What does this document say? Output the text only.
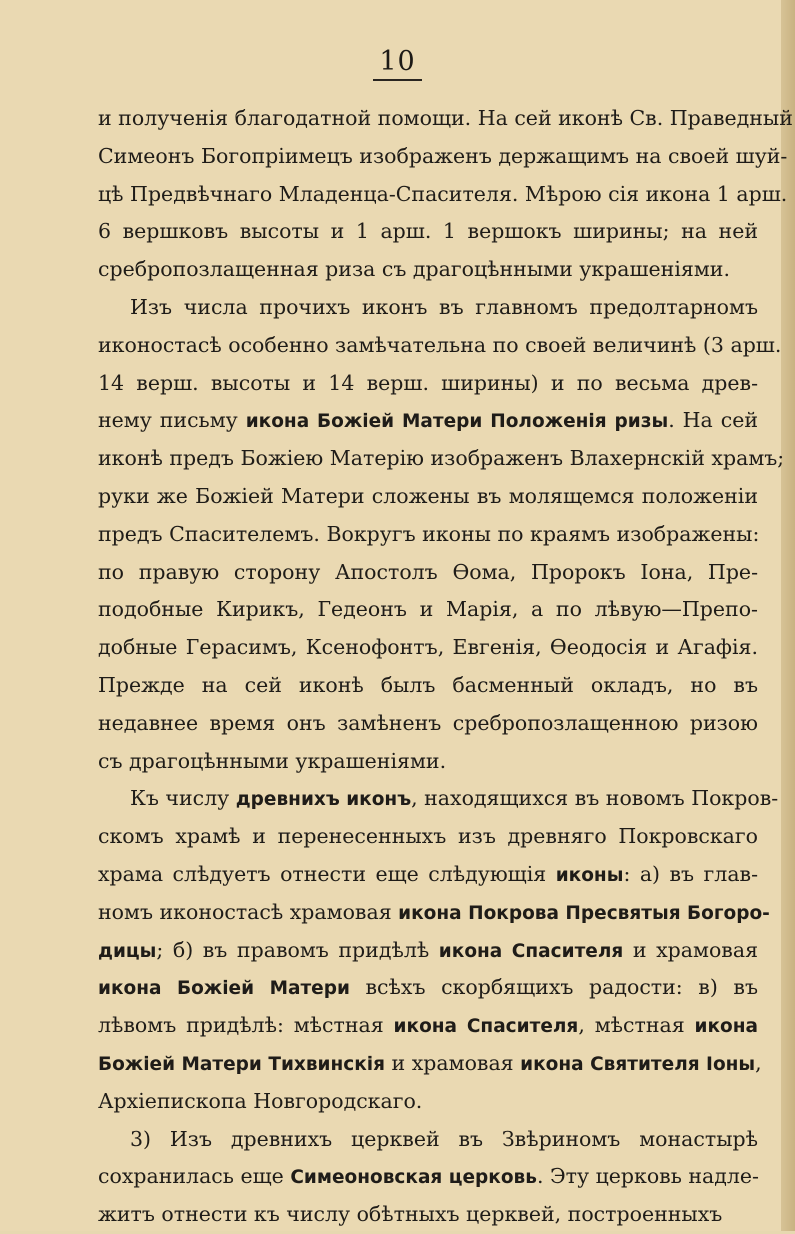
10
и полученія благодатной помощи. На сей иконѣ Св. Праведный
Симеонъ Богопріимецъ изображенъ держащимъ на своей шуй-
цѣ Предвѣчнаго Младенца-Спасителя. Мѣрою сія икона 1 арш.
6 вершковъ высоты и 1 арш. 1 вершокъ ширины; на ней
сребропозлащенная риза съ драгоцѣнными украшеніями.
Изъ числа прочихъ иконъ въ главномъ предолтарномъ
иконостасѣ особенно замѣчательна по своей величинѣ (3 арш.
14 верш. высоты и 14 верш. ширины) и по весьма древ-
нему письму икона Божіей Матери Положенія ризы. На сей
иконѣ предъ Божіею Матерію изображенъ Влахернскій храмъ;
руки же Божіей Матери сложены въ молящемся положеніи
предъ Спасителемъ. Вокругъ иконы по краямъ изображены:
по правую сторону Апостолъ Ѳома, Пророкъ Іона, Пре-
подобные Кирикъ, Гедеонъ и Марія, а по лѣвую—Препо-
добные Герасимъ, Ксенофонтъ, Евгенія, Ѳеодосія и Агафія.
Прежде на сей иконѣ былъ басменный окладъ, но въ
недавнее время онъ замѣненъ сребропозлащенною ризою
съ драгоцѣнными украшеніями.
Къ числу древнихъ иконъ, находящихся въ новомъ Покров-
скомъ храмѣ и перенесенныхъ изъ древняго Покровскаго
храма слѣдуетъ отнести еще слѣдующія иконы: а) въ глав-
номъ иконостасѣ храмовая икона Покрова Пресвятыя Богоро-
дицы; б) въ правомъ придѣлѣ икона Спасителя и храмовая
икона Божіей Матери всѣхъ скорбящихъ радости: в) въ
лѣвомъ придѣлѣ: мѣстная икона Спасителя, мѣстная икона
Божіей Матери Тихвинскія и храмовая икона Святителя Іоны,
Архіепископа Новгородскаго.
3) Изъ древнихъ церквей въ Звѣриномъ монастырѣ
сохранилась еще Симеоновская церковь. Эту церковь надле-
житъ отнести къ числу обѣтныхъ церквей, построенныхъ
